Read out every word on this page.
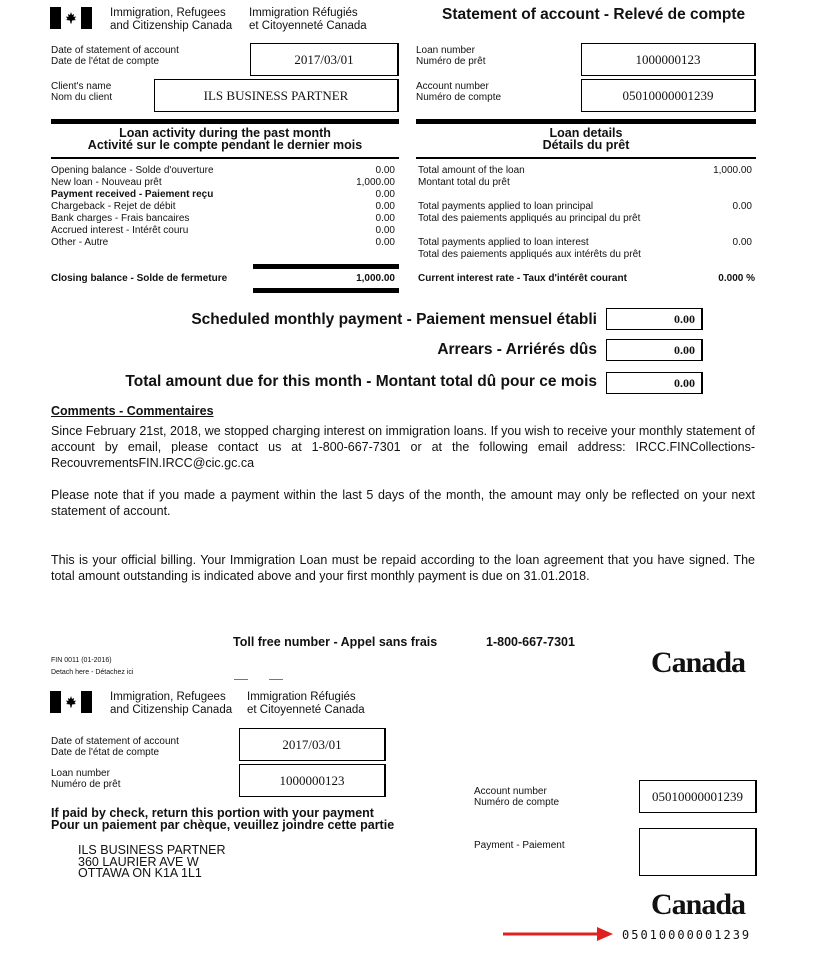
Immigration, Refugees
and Citizenship Canada
Immigration Réfugiés
et Citoyenneté Canada
Statement of account - Relevé de compte
Date of statement of account
Date de l'état de compte	2017/03/01
Client's name
Nom du client	ILS BUSINESS PARTNER
Loan number
Numéro de prêt	1000000123
Account number
Numéro de compte	05010000001239
Loan activity during the past month
Activité sur le compte pendant le dernier mois
Opening balance - Solde d'ouverture	0.00
New loan - Nouveau prêt	1,000.00
Payment received - Paiement reçu	0.00
Chargeback - Rejet de débit	0.00
Bank charges - Frais bancaires	0.00
Accrued interest - Intérêt couru	0.00
Other - Autre	0.00
Closing balance - Solde de fermeture	1,000.00
Loan details
Détails du prêt
Total amount of the loan
Montant total du prêt
1,000.00
Total payments applied to loan principal
Total des paiements appliqués au principal du prêt
0.00
Total payments applied to loan interest
Total des paiements appliqués aux intérêts du prêt
0.00
Current interest rate - Taux d'intérêt courant	0.000 %
Scheduled monthly payment - Paiement mensuel établi	0.00
Arrears - Arriérés dûs	0.00
Total amount due for this month - Montant total dû pour ce mois	0.00
Comments - Commentaires
Since February 21st, 2018, we stopped charging interest on immigration loans. If you wish to receive your monthly statement of account by email, please contact us at 1-800-667-7301 or at the following email address: IRCC.FINCollections-RecouvrementsFIN.IRCC@cic.gc.ca
Please note that if you made a payment within the last 5 days of the month, the amount may only be reflected on your next statement of account.
This is your official billing. Your Immigration Loan must be repaid according to the loan agreement that you have signed. The total amount outstanding is indicated above and your first monthly payment is due on 31.01.2018.
Toll free number - Appel sans frais	1-800-667-7301
FIN 0011 (01-2016)
Detach here - Détachez ici	Canada
Immigration, Refugees
and Citizenship Canada
Immigration Réfugiés
et Citoyenneté Canada
Date of statement of account
Date de l'état de compte
2017/03/01
Loan number
Numéro de prêt	1000000123
If paid by check, return this portion with your payment
Pour un paiement par chèque, veuillez joindre cette partie
ILS BUSINESS PARTNER
360 LAURIER AVE W
OTTAWA ON K1A 1L1
Account number
Numéro de compte	05010000001239
Payment - Paiement
Canada
05010000001239
